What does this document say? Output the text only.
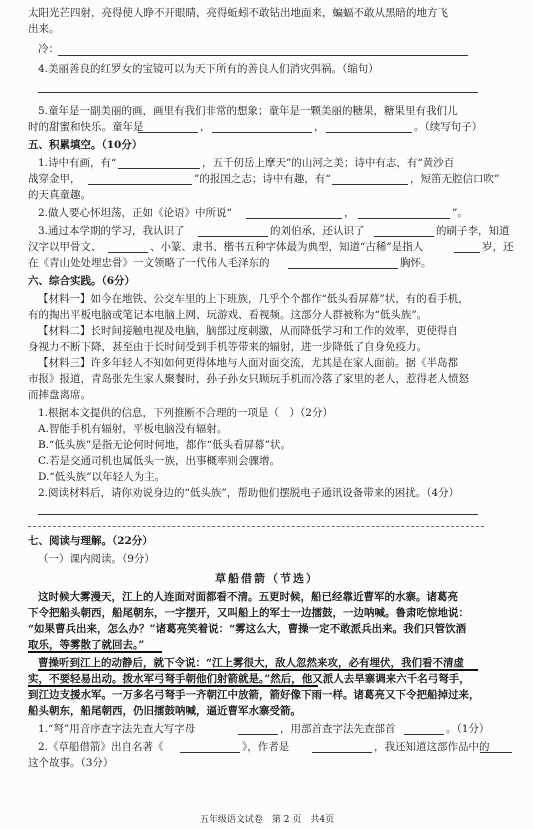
太阳光芒四射，亮得使人睁不开眼睛，亮得蚯蚓不敢钻出地面来，蝙蝠不敢从黑暗的地方飞
出来。
冷：
4.美丽善良的红罗女的宝镜可以为天下所有的善良人们消灾弭祸。（缩句）
5.童年是一副美丽的画，画里有我们非常的想象；童年是一颗美丽的糖果，糖果里有我们儿
时的甜蜜和快乐。童年是	，	，	。（续写句子）
五、积累填空。（10分）
1.诗中有画，有“	，五千仞岳上摩天”的山河之美；诗中有志，有“黄沙百
战穿金甲，	”的报国之志；诗中有趣，有“	，短笛无腔信口吹”
的天真童趣。
2.做人要心怀坦荡，正如《论语》中所说“	，	”。
3.通过本学期的学习，我认识了	的刘伯承，还认识了	的刷子李，知道
汉字以甲骨文、	、小篆、隶书、楷书五种字体最为典型，知道“古稀”是指人	岁，还
在《青山处处埋忠骨》一文领略了一代伟人毛泽东的	胸怀。
六、综合实践。（6分）
【材料一】如今在地铁、公交车里的上下班族，几乎个个都作“低头看屏幕”状，有的看手机，
有的掏出平板电脑或笔记本电脑上网、玩游戏、看视频。这部分人群被称为“低头族”。
【材料二】长时间接触电视及电脑，脑部过度刺激，从而降低学习和工作的效率，更使得自
身视力不断下降，甚至由于长时间受到手机等带来的辐射，进一步降低了自身免疫力。
【材料三】许多年轻人不知如何更得体地与人面对面交流，尤其是在家人面前。据《半岛都
市报》报道，青岛张先生家人聚餐时，孙子孙女只顾玩手机而冷落了家里的老人，惹得老人愤怒
而摔盘离席。
1.根据本文提供的信息，下列推断不合理的一项是（　）（2分）
A.智能手机有辐射，平板电脑没有辐射。
B.“低头族”是指无论何时何地，都作“低头看屏幕”状。
C.若是交通司机也属低头一族，出事概率则会骤增。
D.“低头族”以年轻人为主。
2.阅读材料后，请你劝说身边的“低头族”，帮助他们摆脱电子通讯设备带来的困扰。（4分）
七、阅读与理解。（22分）
（一）课内阅读。（9分）
草船借箭（节选）
这时候大雾漫天，江上的人连面对面都看不清。五更时候，船已经靠近曹军的水寨。诸葛亮
下令把船头朝西，船尾朝东，一字摆开，又叫船上的军士一边擂鼓，一边呐喊。鲁肃吃惊地说：
“如果曹兵出来，怎么办？”诸葛亮笑着说：“雾这么大，曹操一定不敢派兵出来。我们只管饮酒
取乐，等雾散了就回去。”
曹操听到江上的动静后，就下令说：“江上雾很大，敌人忽然来攻，必有埋伏，我们看不清虚
实，不要轻易出动。拨水军弓弩手朝他们射箭就是。”然后，他又派人去旱寨调来六千名弓弩手，
到江边支援水军。一万多名弓弩手一齐朝江中放箭，箭好像下雨一样。诸葛亮又下令把船掉过来，
船头朝东，船尾朝西，仍旧擂鼓呐喊，逼近曹军水寨受箭。
1.“弩”用音序查字法先查大写字母	，用部首查字法先查部首	。（1分）
2.《草船借箭》出自名著《	》，作者是	，我还知道这部作品中的
这个故事。（3分）
五年级语文试卷　第 2 页　共4页
